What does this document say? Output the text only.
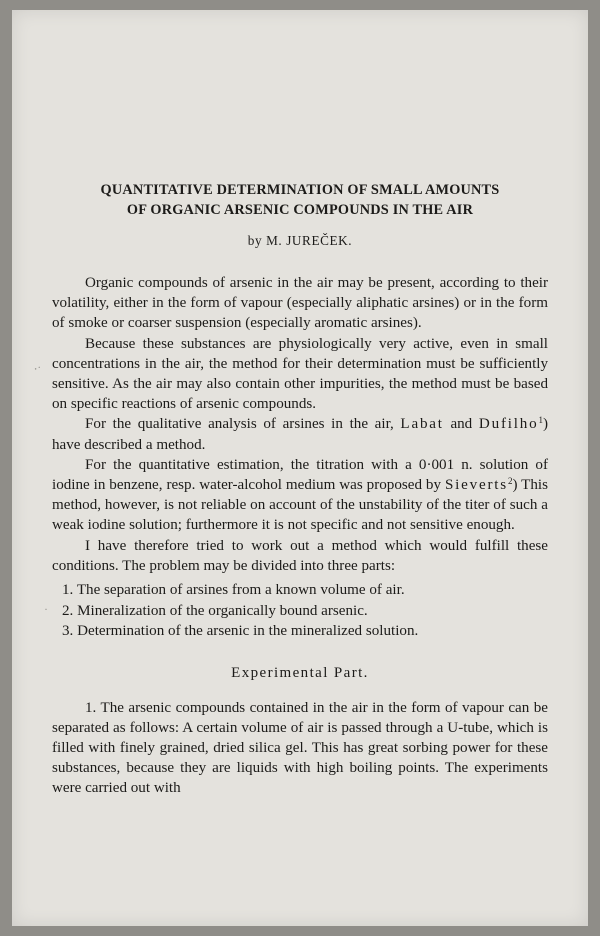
⸳·
·

QUANTITATIVE DETERMINATION OF SMALL AMOUNTS
OF ORGANIC ARSENIC COMPOUNDS IN THE AIR

by M. JUREČEK.

Organic compounds of arsenic in the air may be present, according to their volatility, either in the form of vapour (especially aliphatic arsines) or in the form of smoke or coarser suspension (especially aromatic arsines).

Because these substances are physiologically very active, even in small concentrations in the air, the method for their determination must be sufficiently sensitive. As the air may also contain other impurities, the method must be based on specific reactions of arsenic compounds.

For the qualitative analysis of arsines in the air, Labat and Dufilho$^1$) have described a method.

For the quantitative estimation, the titration with a 0·001 n. solution of iodine in benzene, resp. water-alcohol medium was proposed by Sieverts$^2$) This method, however, is not reliable on account of the unstability of the titer of such a weak iodine solution; furthermore it is not specific and not sensitive enough.

I have therefore tried to work out a method which would fulfill these conditions. The problem may be divided into three parts:

1. The separation of arsines from a known volume of air.
2. Mineralization of the organically bound arsenic.
3. Determination of the arsenic in the mineralized solution.
Experimental Part.

1. The arsenic compounds contained in the air in the form of vapour can be separated as follows: A certain volume of air is passed through a U-tube, which is filled with finely grained, dried silica gel. This has great sorbing power for these substances, because they are liquids with high boiling points. The experiments were carried out with
